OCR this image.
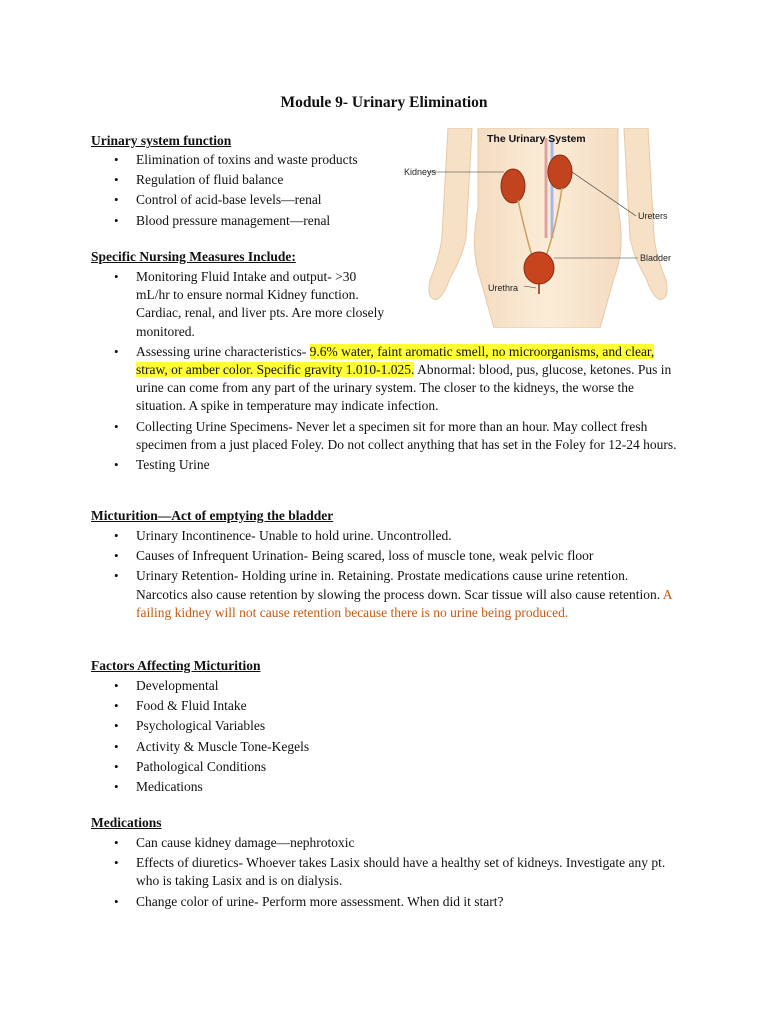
Module 9- Urinary Elimination
The Urinary System
Kidneys
Ureters
Bladder
Urethra
Urinary system function
• Elimination of toxins and waste products
• Regulation of fluid balance
• Control of acid-base levels—renal
• Blood pressure management—renal
Specific Nursing Measures Include:
• Monitoring Fluid Intake and output- >30 mL/hr to ensure normal Kidney function. Cardiac, renal, and liver pts. Are more closely monitored.
• Assessing urine characteristics- 9.6% water, faint aromatic smell, no microorganisms, and clear, straw, or amber color. Specific gravity 1.010-1.025. Abnormal: blood, pus, glucose, ketones. Pus in urine can come from any part of the urinary system. The closer to the kidneys, the worse the situation. A spike in temperature may indicate infection.
• Collecting Urine Specimens- Never let a specimen sit for more than an hour. May collect fresh specimen from a just placed Foley. Do not collect anything that has set in the Foley for 12-24 hours.
• Testing Urine
Micturition—Act of emptying the bladder
• Urinary Incontinence- Unable to hold urine. Uncontrolled.
• Causes of Infrequent Urination- Being scared, loss of muscle tone, weak pelvic floor
• Urinary Retention- Holding urine in. Retaining. Prostate medications cause urine retention. Narcotics also cause retention by slowing the process down. Scar tissue will also cause retention. A failing kidney will not cause retention because there is no urine being produced.
Factors Affecting Micturition
• Developmental
• Food & Fluid Intake
• Psychological Variables
• Activity & Muscle Tone-Kegels
• Pathological Conditions
• Medications
Medications
• Can cause kidney damage—nephrotoxic
• Effects of diuretics- Whoever takes Lasix should have a healthy set of kidneys. Investigate any pt. who is taking Lasix and is on dialysis.
• Change color of urine- Perform more assessment. When did it start?
